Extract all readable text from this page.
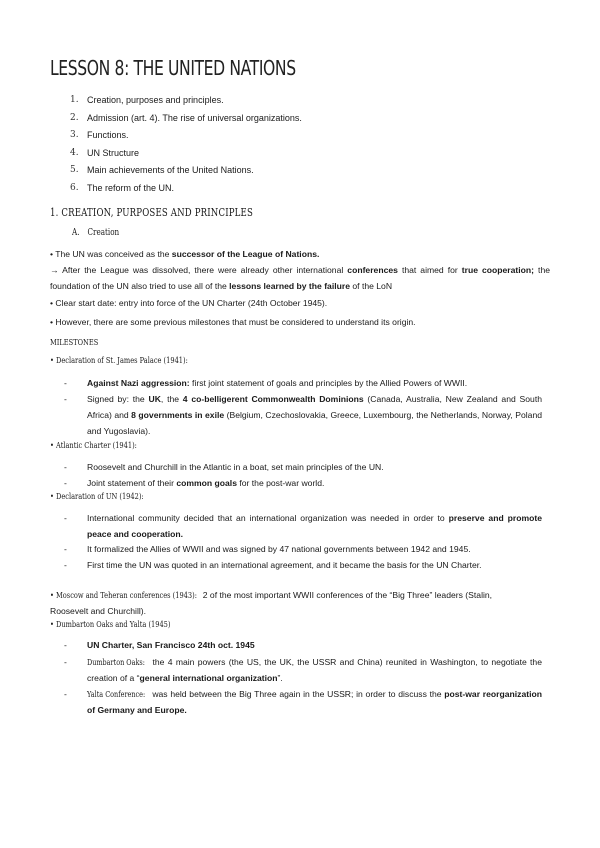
LESSON 8: THE UNITED NATIONS
1. Creation, purposes and principles.
2. Admission (art. 4). The rise of universal organizations.
3. Functions.
4. UN Structure
5. Main achievements of the United Nations.
6. The reform of the UN.
1. CREATION, PURPOSES AND PRINCIPLES
A. Creation
• The UN was conceived as the successor of the League of Nations.
→ After the League was dissolved, there were already other international conferences that aimed for true cooperation; the foundation of the UN also tried to use all of the lessons learned by the failure of the LoN
• Clear start date: entry into force of the UN Charter (24th October 1945).
• However, there are some previous milestones that must be considered to understand its origin.
MILESTONES
• Declaration of St. James Palace (1941):
- Against Nazi aggression: first joint statement of goals and principles by the Allied Powers of WWII.
- Signed by: the UK, the 4 co-belligerent Commonwealth Dominions (Canada, Australia, New Zealand and South Africa) and 8 governments in exile (Belgium, Czechoslovakia, Greece, Luxembourg, the Netherlands, Norway, Poland and Yugoslavia).
• Atlantic Charter (1941):
- Roosevelt and Churchill in the Atlantic in a boat, set main principles of the UN.
- Joint statement of their common goals for the post-war world.
• Declaration of UN (1942):
- International community decided that an international organization was needed in order to preserve and promote peace and cooperation.
- It formalized the Allies of WWII and was signed by 47 national governments between 1942 and 1945.
- First time the UN was quoted in an international agreement, and it became the basis for the UN Charter.
• Moscow and Teheran conferences (1943): 2 of the most important WWII conferences of the “Big Three” leaders (Stalin,
Roosevelt and Churchill).
• Dumbarton Oaks and Yalta (1945)
- UN Charter, San Francisco 24th oct. 1945
- Dumbarton Oaks: the 4 main powers (the US, the UK, the USSR and China) reunited in Washington, to negotiate the creation of a “general international organization”.
- Yalta Conference: was held between the Big Three again in the USSR; in order to discuss the post-war reorganization of Germany and Europe.
